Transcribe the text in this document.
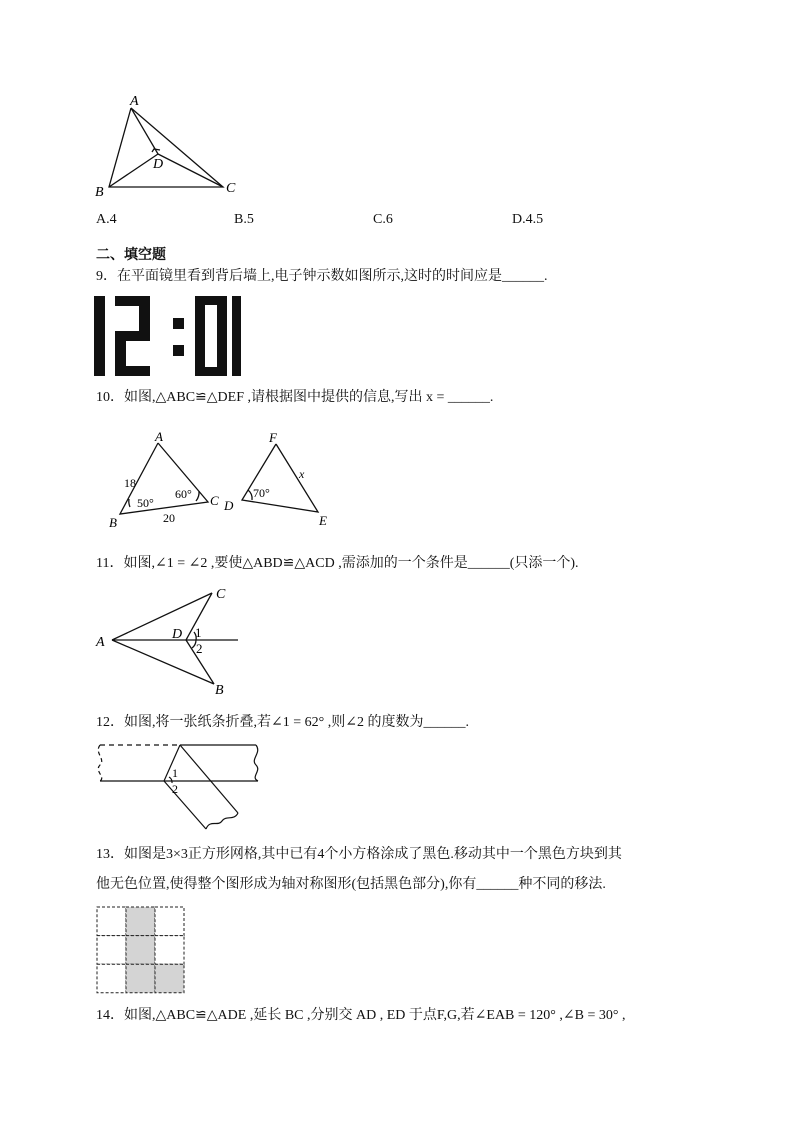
A
B	C
D
A.4	B.5	C.6	D.4.5
二、填空题
9．在平面镜里看到背后墙上,电子钟示数如图所示,这时的时间应是______.
10．如图,△ABC≌△DEF ,请根据图中提供的信息,写出 x = ______.
A
B
C D
E
F
18
20
50°
60°	70°
x
11．如图,∠1 = ∠2 ,要使△ABD≌△ACD ,需添加的一个条件是______(只添一个).
A
C
B
D 1
2
12．如图,将一张纸条折叠,若∠1 = 62° ,则∠2 的度数为______.
1
2
13．如图是3×3正方形网格,其中已有4个小方格涂成了黑色.移动其中一个黑色方块到其
他无色位置,使得整个图形成为轴对称图形(包括黑色部分),你有______种不同的移法.
14．如图,△ABC≌△ADE ,延长 BC ,分别交 AD , ED 于点F,G,若∠EAB = 120° ,∠B = 30° ,
